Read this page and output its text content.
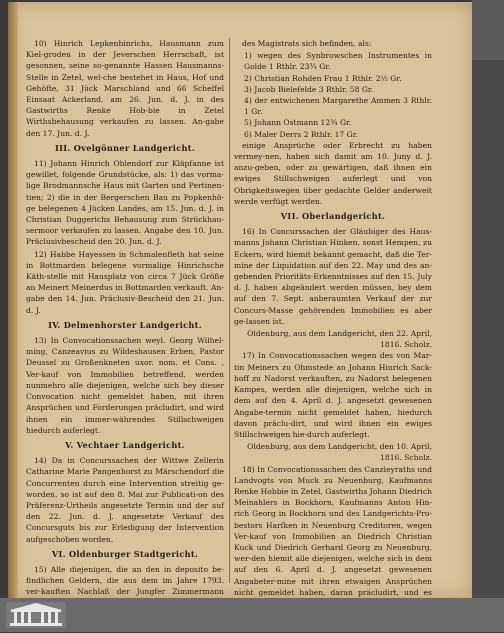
10) Hinrich Lepkenhinrichs, Hausmann zum Kiel-groden in der Jeverschen Herrschaft, ist gesonnen, seine so-genannte Hassen Hausmanns-Stelle in Zetel, wel-che bestehet in Haus, Hof und Gehöfte, 31 Jück Marschland und 66 Scheffel Einsaat Ackerland, am 26. Jun. d. J. in des Gastwirths Renke Hob-bie in Zetel Wirthsbehausung verkaufen zu lassen. An-gabe den 17. Jun. d. J.

III. Ovelgönner Landgericht.

11) Johann Hinrich Ohlendorf zur Kläpfanne ist gewillet, folgende Grundstücke, als: 1) das vorma-lige Brodmannsche Haus mit Garten und Pertinen-tien; 2) die in der Bergerschen Bau zu Popkenhö-ge belegenen 4 Jücken Landes, am 15. Jun. d. J. in Christian Duggerichs Behausung zum Strückhau-sermoor verkaufen zu lassen. Angabe den 10. Jun. Präclusivbescheid den 20. Jun. d. J.

12) Habbe Hayessen in Schmalenfleth hat seine in Bottmarden belegene vormalige Hinrichsche Käth-stelle mit Hausplatz von circa 7 Jück Größe an Meinert Meinerdus in Bottmarden verkauft. An-gabe den 14. Jun. Präclusiv-Bescheid den 21. Jun. d. J.

IV. Delmenhorster Landgericht.

13) In Convocationssachen weyl. Georg Wilhel-ming, Canzeavius zu Wildeshausen Erben, Pastor Deussel zu Großenkneten uxor. nom. et Cons. , Ver-kauf von Immobilien betreffend, werden nunmehro alle diejenigen, welche sich bey dieser Convocation nicht gemeldet haben, mit ihren Ansprüchen und Forderungen präcludirt, und wird ihnen ein immer-währendes Stillschweigen hiedurch auferlegt.

V. Vechtaer Landgericht.

14) Da in Concurssachen der Wittwe Zellerin Catharine Marie Pangenhorst zu Märschendorf die Concurrenten durch eine Intervention streitig ge-worden, so ist auf den 8. Mai zur Publicati-on des Präferenz-Urtheils angesetzte Termin und der auf den 22. Jun. d. J. angesetzte Verkauf des Concursguts bis zur Erledigung der Intervention aufgeschoben worden.

VI. Oldenburger Stadtgericht.

15) Alle diejenigen, die an den in deposito be-findlichen Geldern, die aus dem im Jahre 1793. ver-kauften Nachlaß der Jungfer Zimmermann

des Magistrats sich befinden, als:

1) wegen des Synbrowschen Instrumentes in Golde 1 Rthlr. 23¾ Gr.
2) Christian Rohden Frau 1 Rthlr. 2½ Gr.
3) Jacob Bielefelde 3 Rthlr. 58 Gr.
4) der entwichenen Margarethe Ammen 3 Rthlr. 1 Gr.
5) Johann Ostmann 12¾ Gr.
6) Maler Derrs 2 Rthlr. 17 Gr.

einige Ansprüche oder Erbrecht zu haben vermey-nen, haben sich damit am 10. Juny d. J. anzu-geben, oder zu gewärtigen, daß ihnen ein ewiges Stillschweigen auferlegt und von Obrigkeitswegen über gedachte Gelder anderweit werde verfügt werden.

VII. Oberlandgericht.

16) In Concurssachen der Gläubiger des Haus-manns Johann Christian Hinken, sonst Hempen, zu Eckern, wird hiemit bekannt gemacht, daß die Ter-mine der Liquidation auf den 22. May und des an-gebenden Prioritäts-Erkenntnisses auf den 15. July d. J. haben abgeändert werden müssen, bey dem auf den 7. Sept. anberaumten Verkauf der zur Concurs-Masse gehörenden Immobilien es aber ge-lassen ist.

Oldenburg, aus dem Landgericht, den 22. April, 1816. Scholz.

17) In Convocationssachen wegen des von Mar-tin Meiners zu Ohmstede an Johann Hinrich Sack-hoff zu Nadorst verkauften, zu Nadorst belegenen Kampes, werden alle diejenigen, welche sich in dem auf den 4. April d. J. angesetzt gewesenen Angabe-termin nicht gemeldet haben, hiedurch davon präclu-dirt, und wird ihnen ein ewiges Stillschweigen hie-durch auferlegt.

Oldenburg, aus dem Landgericht, den 10. April, 1816. Scholz.

18) In Convocationssachen des Canzleyraths und Landvogts von Muck zu Neuenburg, Kaufmanns Renke Hobbie in Zetel, Gastwirths Johann Diedrich Meinahlers in Bockhorn, Kaufmanns Anton Hin-rich Georg in Bockhorn und des Landgerichts-Pro-bestors Harfken in Neuenburg Creditoren, wegen Ver-kauf von Immobilien an Diedrich Christian Kuck und Diedrich Gerhard Georg zu Neuenburg, wer-den hiemit alle diejenigen, welche sich in dem auf den 6. April d. J. angesetzt gewesenen Angabeter-mine mit ihren etwaigen Ansprüchen nicht gemeldet haben, daran präcludirt, und es
